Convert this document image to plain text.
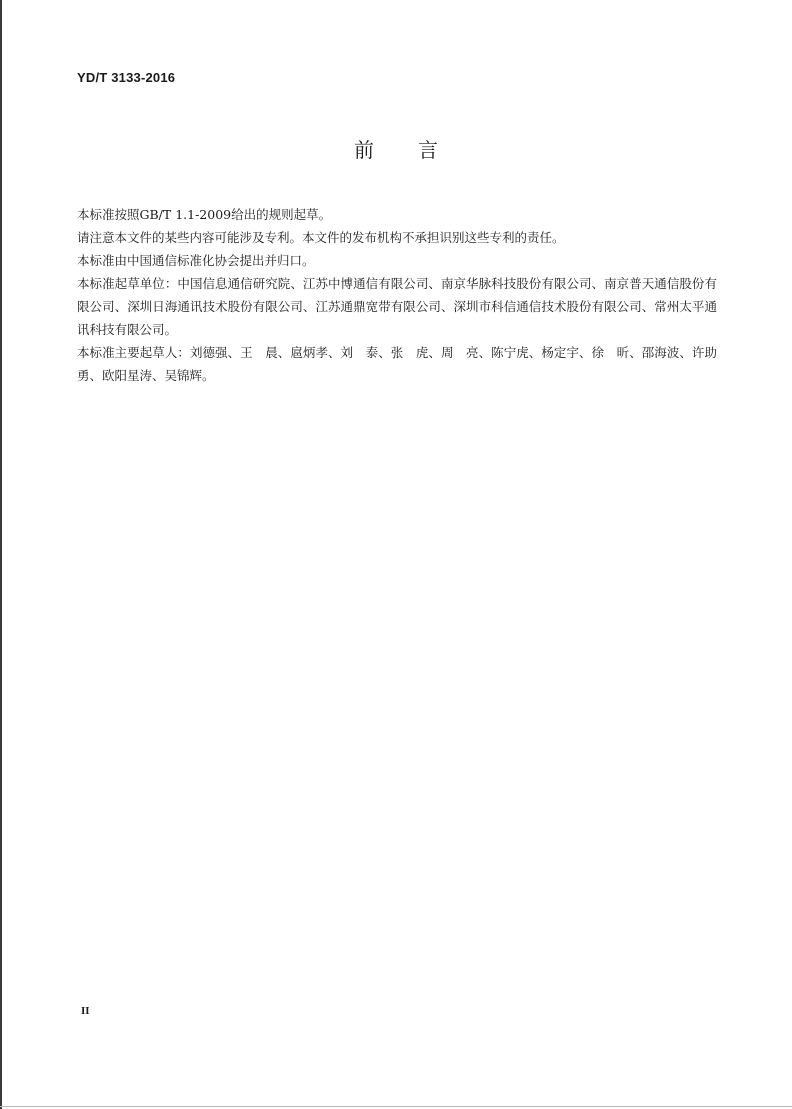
YD/T 3133-2016
前言

本标准按照GB/T 1.1-2009给出的规则起草。

请注意本文件的某些内容可能涉及专利。本文件的发布机构不承担识别这些专利的责任。

本标准由中国通信标准化协会提出并归口。

本标准起草单位：中国信息通信研究院、江苏中博通信有限公司、南京华脉科技股份有限公司、南京普天通信股份有限公司、深圳日海通讯技术股份有限公司、江苏通鼎宽带有限公司、深圳市科信通信技术股份有限公司、常州太平通讯科技有限公司。

本标准主要起草人：刘德强、王　晨、扈炳孝、刘　泰、张　虎、周　亮、陈宁虎、杨定宇、徐　昕、邵海波、许助勇、欧阳星涛、吴锦辉。

II
